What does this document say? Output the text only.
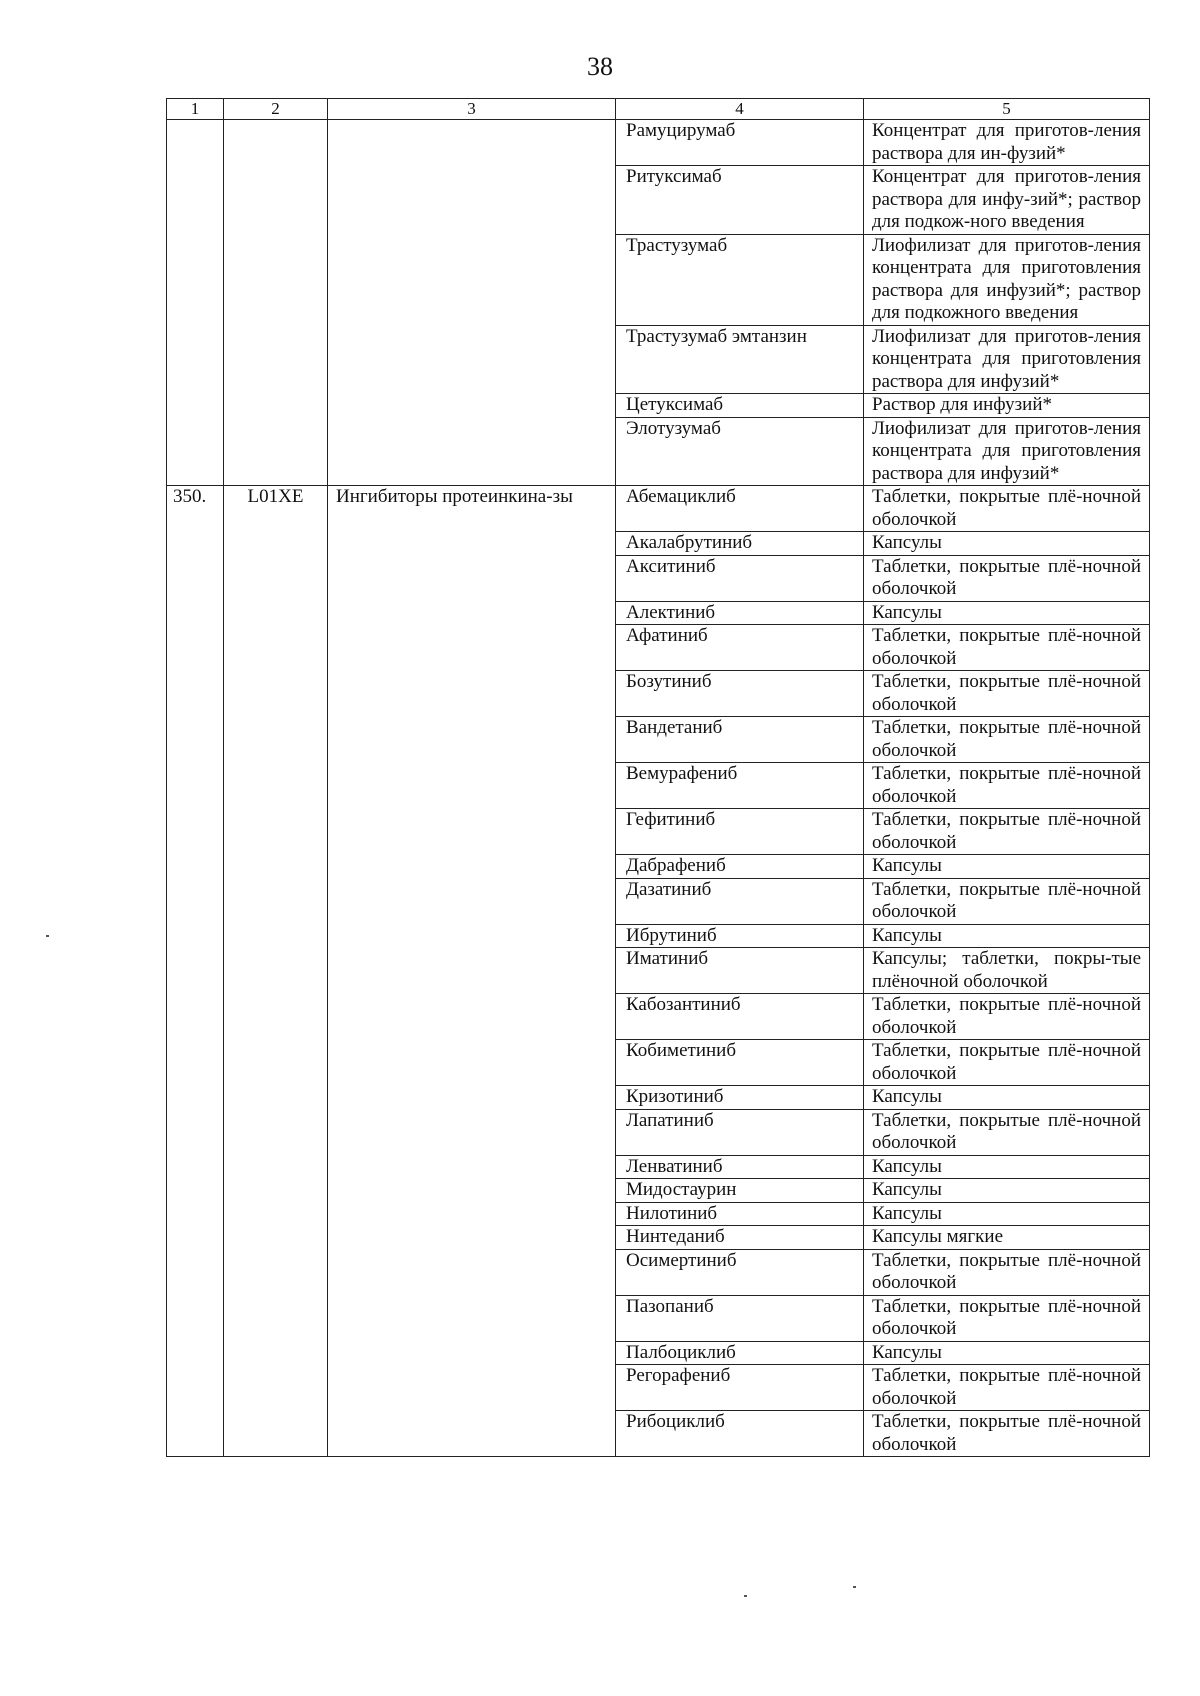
38
1	2	3	4	5
			Рамуцирумаб	Концентрат для приготов-ления раствора для ин-фузий*
			Ритуксимаб	Концентрат для приготов-ления раствора для инфу-зий*; раствор для подкож-ного введения
			Трастузумаб	Лиофилизат для приготов-ления концентрата для приготовления раствора для инфузий*; раствор для подкожного введения
			Трастузумаб эмтанзин	Лиофилизат для приготов-ления концентрата для приготовления раствора для инфузий*
			Цетуксимаб	Раствор для инфузий*
			Элотузумаб	Лиофилизат для приготов-ления концентрата для приготовления раствора для инфузий*
350.	L01XE	Ингибиторы протеинкина-зы	Абемациклиб	Таблетки, покрытые плё-ночной оболочкой
			Акалабрутиниб	Капсулы
			Акситиниб	Таблетки, покрытые плё-ночной оболочкой
			Алектиниб	Капсулы
			Афатиниб	Таблетки, покрытые плё-ночной оболочкой
			Бозутиниб	Таблетки, покрытые плё-ночной оболочкой
			Вандетаниб	Таблетки, покрытые плё-ночной оболочкой
			Вемурафениб	Таблетки, покрытые плё-ночной оболочкой
			Гефитиниб	Таблетки, покрытые плё-ночной оболочкой
			Дабрафениб	Капсулы
			Дазатиниб	Таблетки, покрытые плё-ночной оболочкой
			Ибрутиниб	Капсулы
			Иматиниб	Капсулы; таблетки, покры-тые плёночной оболочкой
			Кабозантиниб	Таблетки, покрытые плё-ночной оболочкой
			Кобиметиниб	Таблетки, покрытые плё-ночной оболочкой
			Кризотиниб	Капсулы
			Лапатиниб	Таблетки, покрытые плё-ночной оболочкой
			Ленватиниб	Капсулы
			Мидостаурин	Капсулы
			Нилотиниб	Капсулы
			Нинтеданиб	Капсулы мягкие
			Осимертиниб	Таблетки, покрытые плё-ночной оболочкой
			Пазопаниб	Таблетки, покрытые плё-ночной оболочкой
			Палбоциклиб	Капсулы
			Регорафениб	Таблетки, покрытые плё-ночной оболочкой
			Рибоциклиб	Таблетки, покрытые плё-ночной оболочкой
